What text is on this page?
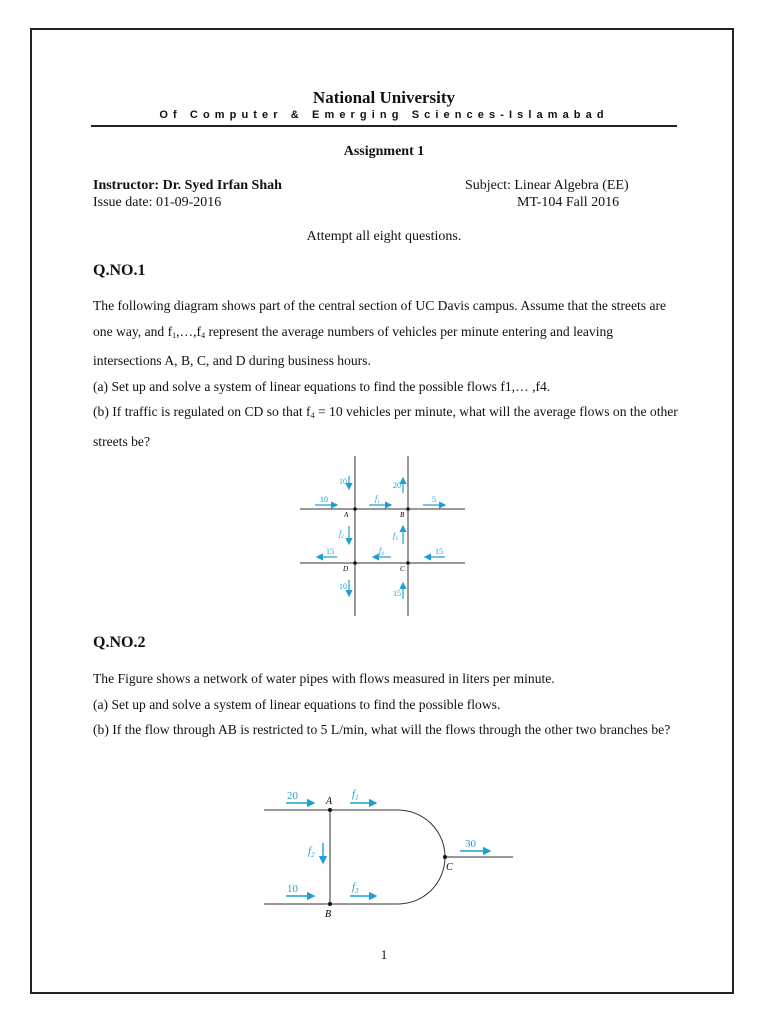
National University
Of Computer & Emerging Sciences-Islamabad
Assignment 1
Instructor: Dr. Syed Irfan Shah	Subject: Linear Algebra (EE)
Issue date: 01-09-2016	MT-104 Fall 2016
Attempt all eight questions.
Q.NO.1
The following diagram shows part of the central section of UC Davis campus. Assume that the streets are one way, and $f_1,\dots,f_4$ represent the average numbers of vehicles per minute entering and leaving intersections A, B, C, and D during business hours.
(a) Set up and solve a system of linear equations to find the possible flows f1,… ,f4.
(b) If traffic is regulated on CD so that $f_4 = 10$ vehicles per minute, what will the average flows on the other streets be?
A	B
C
D
10	20
10	$f_1$	5
$f_2$	$f_3$
15	$f_4$	15
10
15
Q.NO.2
The Figure shows a network of water pipes with flows measured in liters per minute.
(a) Set up and solve a system of linear equations to find the possible flows.
(b) If the flow through AB is restricted to 5 L/min, what will the flows through the other two branches be?
A
B
C
20	$f_1$
$f_2$
30
10	$f_3$
1
